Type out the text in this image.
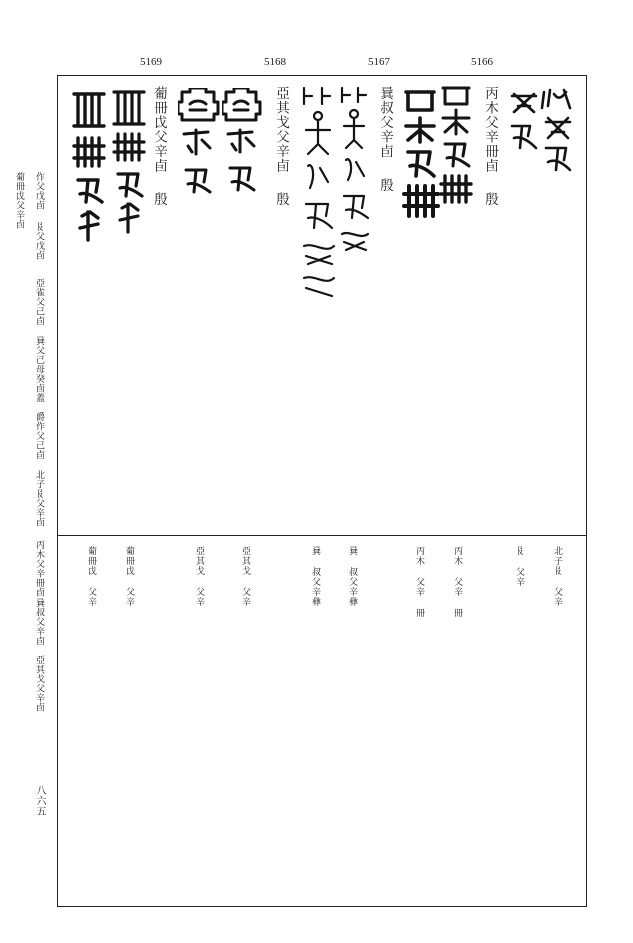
5169	5168	5167	5166
葡冊戉父辛卣 作父戊卣
𠬝父戊卣
亞雀父己卣
㠱父己母癸卣蓋
爵作父己卣
北子𠬝父辛卣
丙木父辛冊卣
㠱叔父辛卣
亞其戈父辛卣
八六五
丙木父辛冊卣
殷
㠱叔父辛卣
殷
亞其戈父辛卣
殷
葡冊戉父辛卣
殷
北子𠬝 父辛
𠬝 父辛
丙木 父辛 冊
丙木 父辛 冊
㠱 叔父辛彝
㠱 叔父辛彝
亞其戈 父辛
亞其戈 父辛
葡冊戉 父辛
葡冊戉 父辛
